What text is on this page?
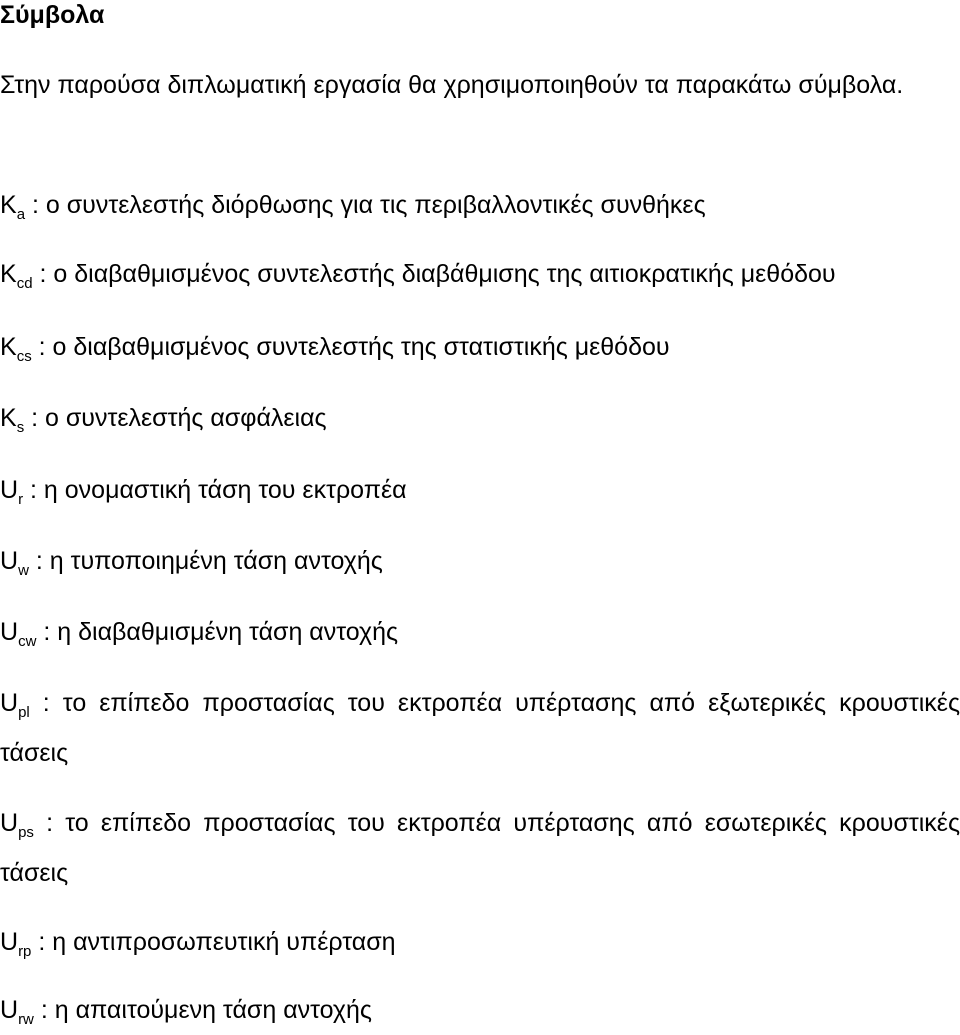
Σύμβολα

Στην παρούσα διπλωματική εργασία θα χρησιμοποιηθούν τα παρακάτω σύμβολα.

$K_a$ : ο συντελεστής διόρθωσης για τις περιβαλλοντικές συνθήκες

$K_{cd}$ : ο διαβαθμισμένος συντελεστής διαβάθμισης της αιτιοκρατικής μεθόδου

$K_{cs}$ : ο διαβαθμισμένος συντελεστής της στατιστικής μεθόδου

$K_s$ : ο συντελεστής ασφάλειας

$U_r$ : η ονομαστική τάση του εκτροπέα

$U_w$ : η τυποποιημένη τάση αντοχής

$U_{cw}$ : η διαβαθμισμένη τάση αντοχής

$U_{pl}$ : το επίπεδο προστασίας του εκτροπέα υπέρτασης από εξωτερικές κρουστικές τάσεις

$U_{ps}$ : το επίπεδο προστασίας του εκτροπέα υπέρτασης από εσωτερικές κρουστικές τάσεις

$U_{rp}$ : η αντιπροσωπευτική υπέρταση

$U_{rw}$ : η απαιτούμενη τάση αντοχής
